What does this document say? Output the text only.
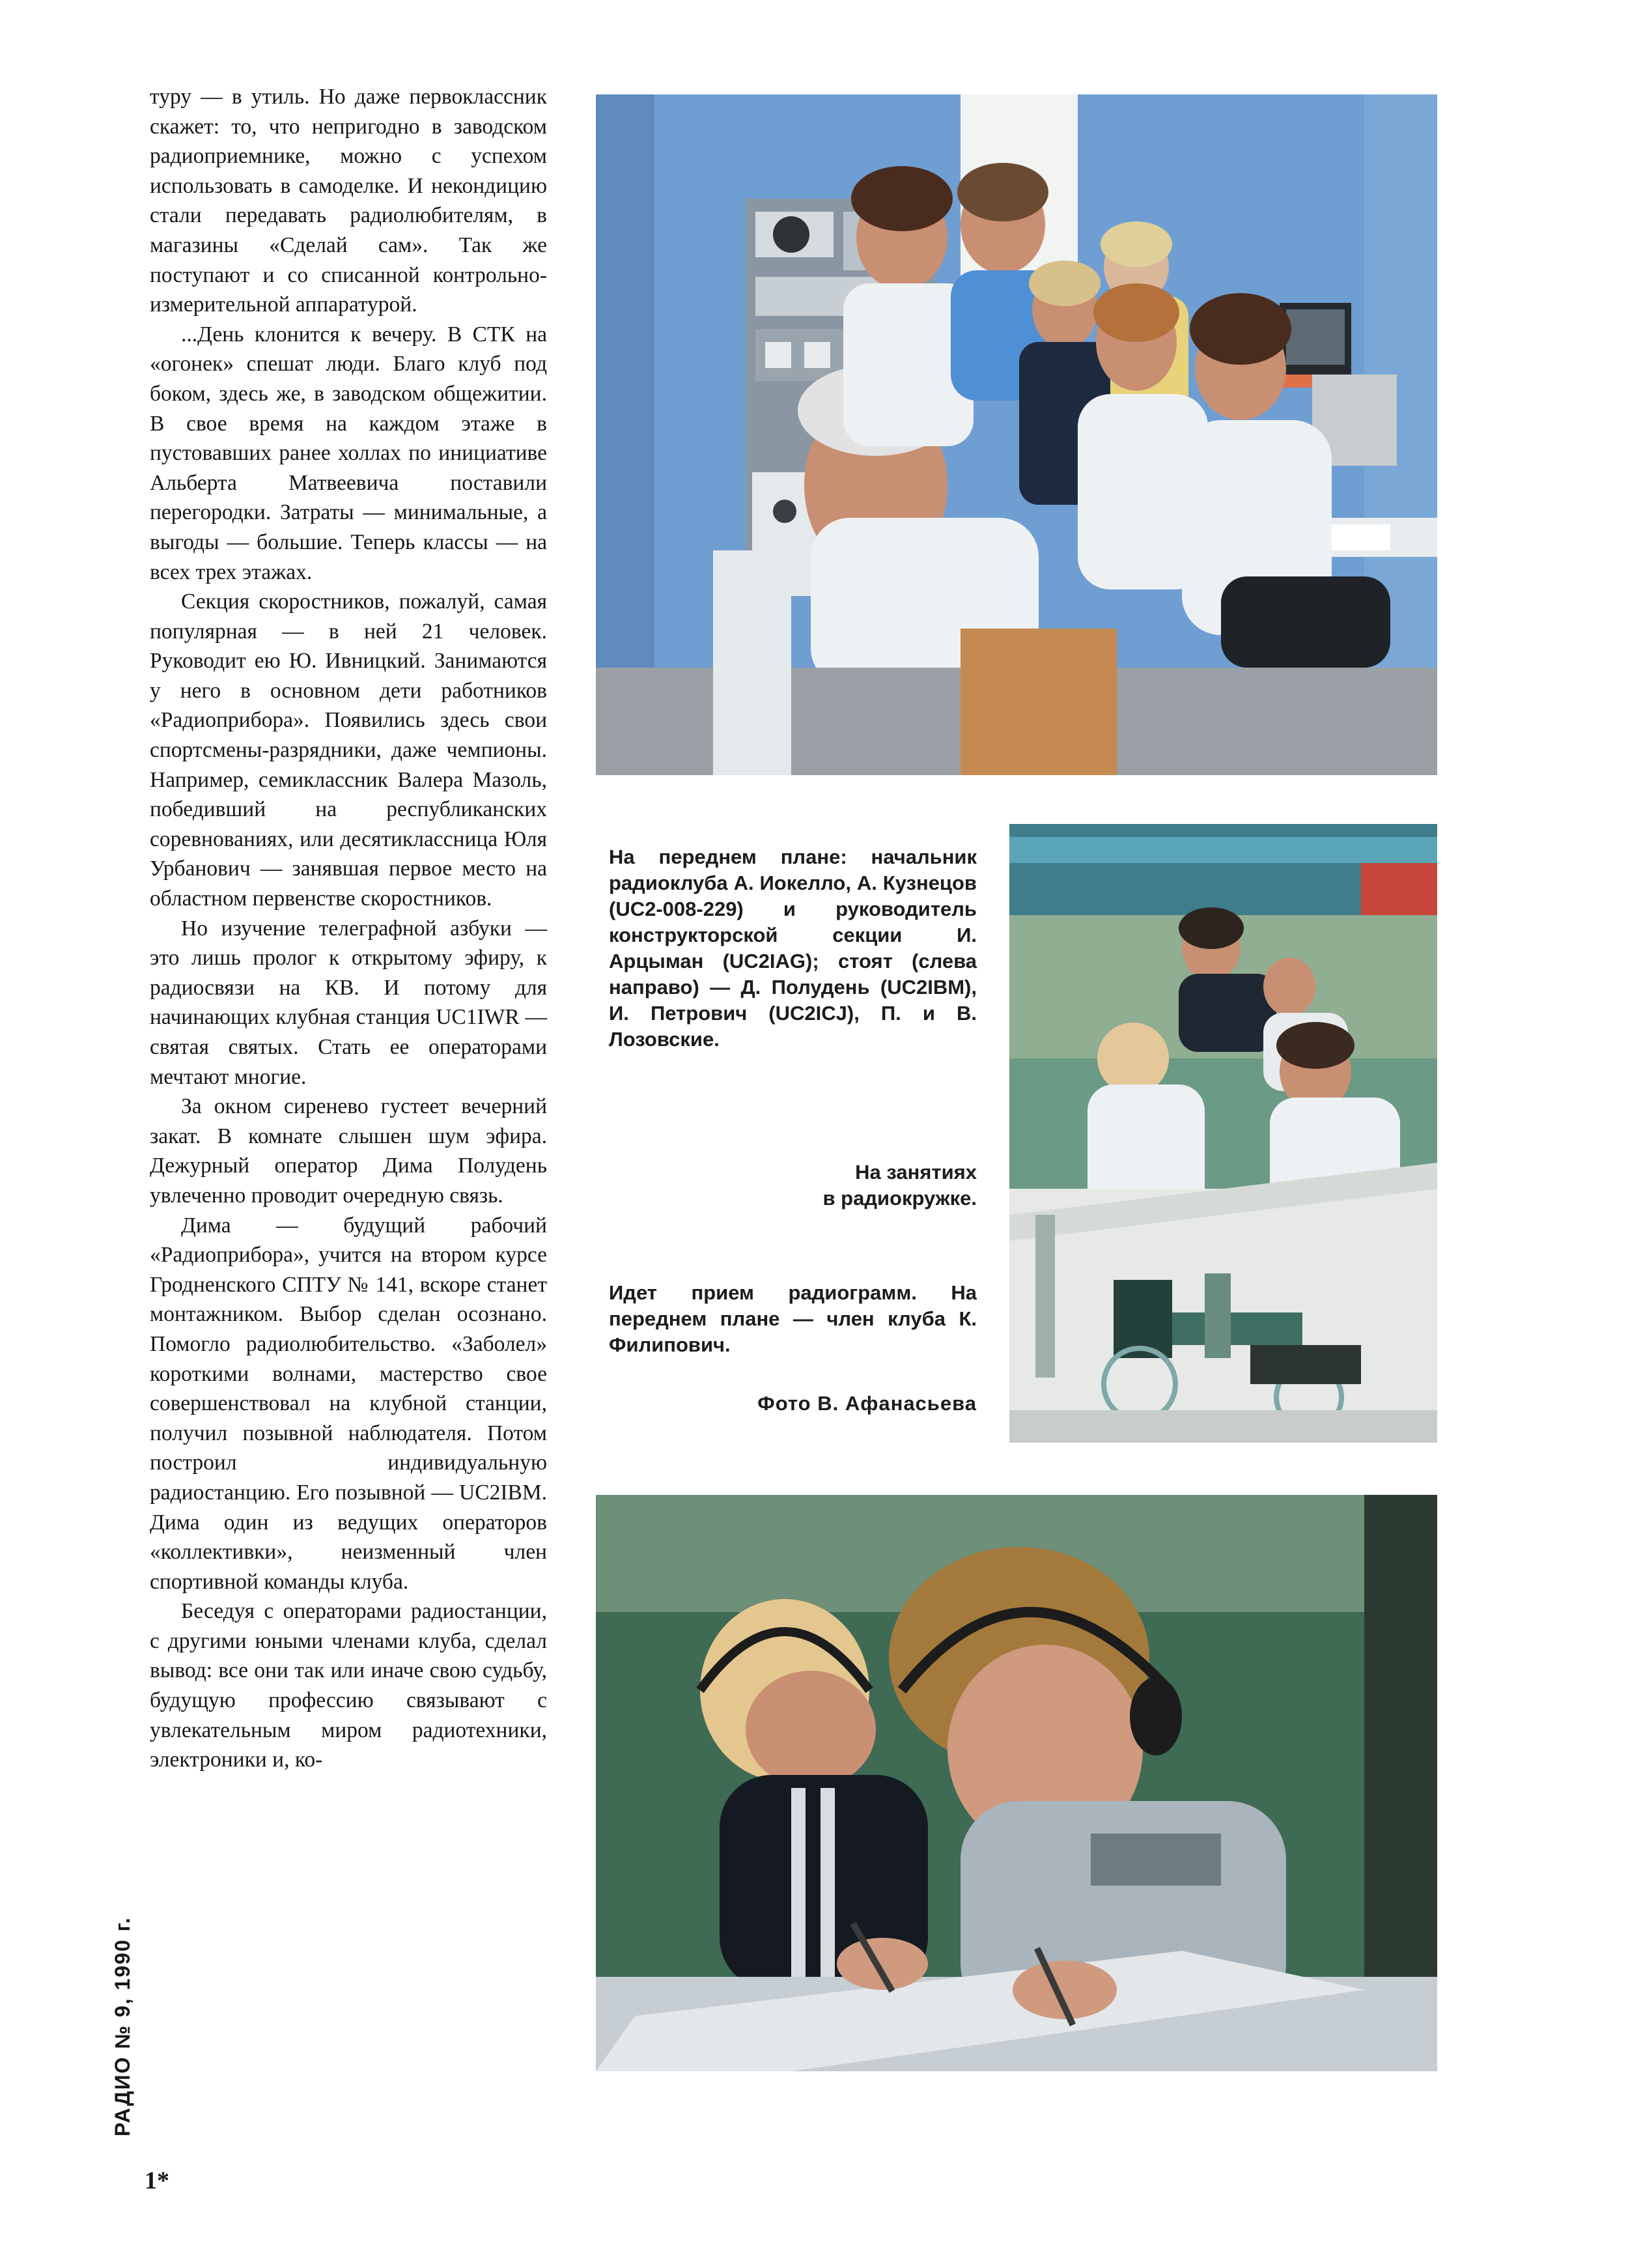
туру — в утиль. Но даже первоклассник скажет: то, что непригодно в заводском радиоприемнике, можно с успехом использовать в самоделке. И некондицию стали передавать радиолюбителям, в магазины «Сделай сам». Так же поступают и со списанной контрольно-измерительной аппаратурой.

...День клонится к вечеру. В СТК на «огонек» спешат люди. Благо клуб под боком, здесь же, в заводском общежитии. В свое время на каждом этаже в пустовавших ранее холлах по инициативе Альберта Матвеевича поставили перегородки. Затраты — минимальные, а выгоды — большие. Теперь классы — на всех трех этажах.

Секция скоростников, пожалуй, самая популярная — в ней 21 человек. Руководит ею Ю. Ивницкий. Занимаются у него в основном дети работников «Радиоприбора». Появились здесь свои спортсмены-разрядники, даже чемпионы. Например, семиклассник Валера Мазоль, победивший на республиканских соревнованиях, или десятиклассница Юля Урбанович — занявшая первое место на областном первенстве скоростников.

Но изучение телеграфной азбуки — это лишь пролог к открытому эфиру, к радиосвязи на КВ. И потому для начинающих клубная станция UC1IWR — святая святых. Стать ее операторами мечтают многие.

За окном сиренево густеет вечерний закат. В комнате слышен шум эфира. Дежурный оператор Дима Полудень увлеченно проводит очередную связь.

Дима — будущий рабочий «Радиоприбора», учится на втором курсе Гродненского СПТУ № 141, вскоре станет монтажником. Выбор сделан осознано. Помогло радиолюбительство. «Заболел» короткими волнами, мастерство свое совершенствовал на клубной станции, получил позывной наблюдателя. Потом построил индивидуальную радиостанцию. Его позывной — UC2IBM. Дима один из ведущих операторов «коллективки», неизменный член спортивной команды клуба.

Беседуя с операторами радиостанции, с другими юными членами клуба, сделал вывод: все они так или иначе свою судьбу, будущую профессию связывают с увлекательным миром радиотехники, электроники и, ко-

РАДИО № 9, 1990 г.
1*

На переднем плане: начальник радиоклуба А. Иокелло, А. Кузнецов (UC2-008-229) и руководитель конструкторской секции И. Арцыман (UC2IAG); стоят (слева направо) — Д. Полудень (UC2IBM), И. Петрович (UC2ICJ), П. и В. Лозовские.

На занятиях
в радиокружке.

Идет прием радиограмм. На переднем плане — член клуба К. Филипович.

Фото В. Афанасьева
